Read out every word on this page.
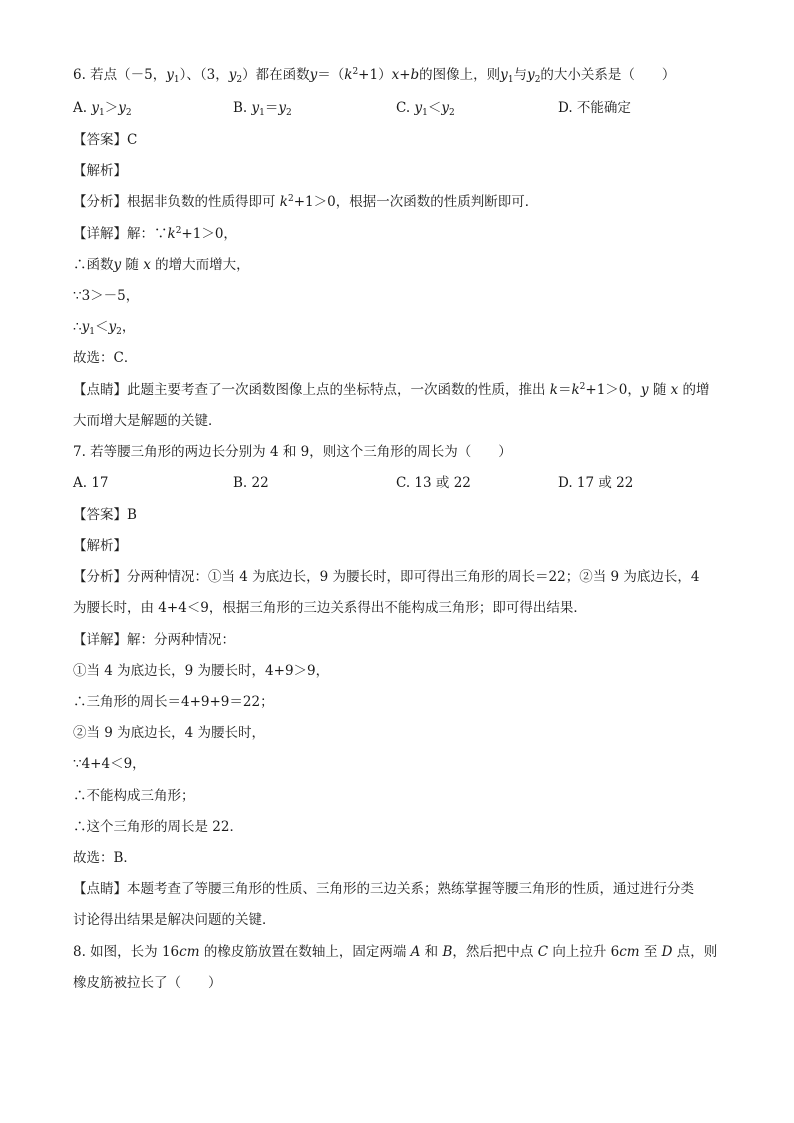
6. 若点（－5，$y_1$）、（3，$y_2$）都在函数$y=(k^2+1)x+b$的图像上，则$y_1$与$y_2$的大小关系是（　　）
A. $y_1>y_2$	B. $y_1=y_2$	C. $y_1<y_2$	D. 不能确定
【答案】C
【解析】
【分析】根据非负数的性质得即可 $k^2+1>0$，根据一次函数的性质判断即可．
【详解】解：$\because k^2+1>0$，
∴函数y 随 x 的增大而增大，
∵3＞－5，
$\therefore y_1<y_2$，
故选：C．
【点睛】此题主要考查了一次函数图像上点的坐标特点，一次函数的性质，推出 $k=k^2+1>0$，y 随 x 的增
大而增大是解题的关键．
7. 若等腰三角形的两边长分别为 4 和 9，则这个三角形的周长为（　　）
A. 17	B. 22	C. 13 或 22	D. 17 或 22
【答案】B
【解析】
【分析】分两种情况：①当 4 为底边长，9 为腰长时，即可得出三角形的周长＝22；②当 9 为底边长，4
为腰长时，由 4+4＜9，根据三角形的三边关系得出不能构成三角形；即可得出结果．
【详解】解：分两种情况：
①当 4 为底边长，9 为腰长时，4+9＞9，
∴三角形的周长＝4+9+9＝22；
②当 9 为底边长，4 为腰长时，
∵4+4＜9，
∴不能构成三角形；
∴这个三角形的周长是 22．
故选：B．
【点睛】本题考查了等腰三角形的性质、三角形的三边关系；熟练掌握等腰三角形的性质，通过进行分类
讨论得出结果是解决问题的关键．
8. 如图，长为 16cm 的橡皮筋放置在数轴上，固定两端 A 和 B，然后把中点 C 向上拉升 6cm 至 D 点，则
橡皮筋被拉长了（　　）
